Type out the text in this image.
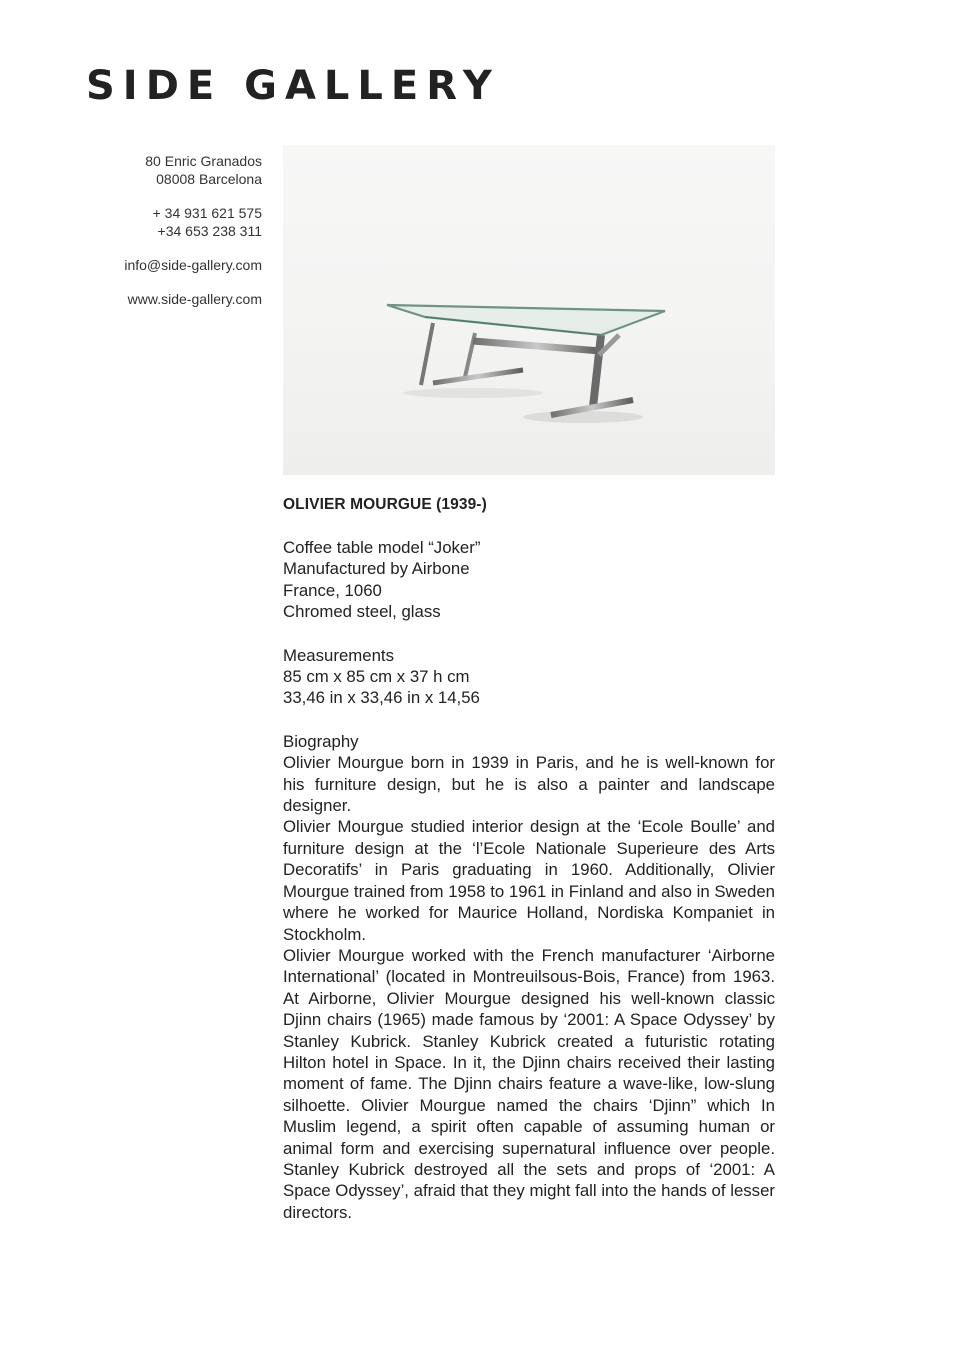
SIDE GALLERY

80 Enric Granados

08008 Barcelona

+ 34 931 621 575

+34 653 238 311

info@side-gallery.com

www.side-gallery.com

OLIVIER MOURGUE (1939-)

Coffee table model “Joker”

Manufactured by Airbone

France, 1060

Chromed steel, glass

Measurements

85 cm x 85 cm x 37 h cm

33,46 in x 33,46 in x 14,56

Biography

Olivier Mourgue born in 1939 in Paris, and he is well-known for his furniture design, but he is also a painter and landscape designer.

Olivier Mourgue studied interior design at the ‘Ecole Boulle’ and furniture design at the ‘l’Ecole Nationale Superieure des Arts Decoratifs’ in Paris graduating in 1960. Additionally, Olivier Mourgue trained from 1958 to 1961 in Finland and also in Sweden where he worked for Maurice Holland, Nordiska Kompaniet in Stockholm.

Olivier Mourgue worked with the French manufacturer ‘Airborne International’ (located in Montreuilsous-Bois, France) from 1963. At Airborne, Olivier Mourgue designed his well-known classic Djinn chairs (1965) made famous by ‘2001: A Space Odyssey’ by Stanley Kubrick. Stanley Kubrick created a futuristic rotating Hilton hotel in Space. In it, the Djinn chairs received their lasting moment of fame. The Djinn chairs feature a wave-like, low-slung silhoette. Olivier Mourgue named the chairs ‘Djinn” which In Muslim legend, a spirit often capable of assuming human or animal form and exercising supernatural influence over people. Stanley Kubrick destroyed all the sets and props of ‘2001: A Space Odyssey’, afraid that they might fall into the hands of lesser directors.
